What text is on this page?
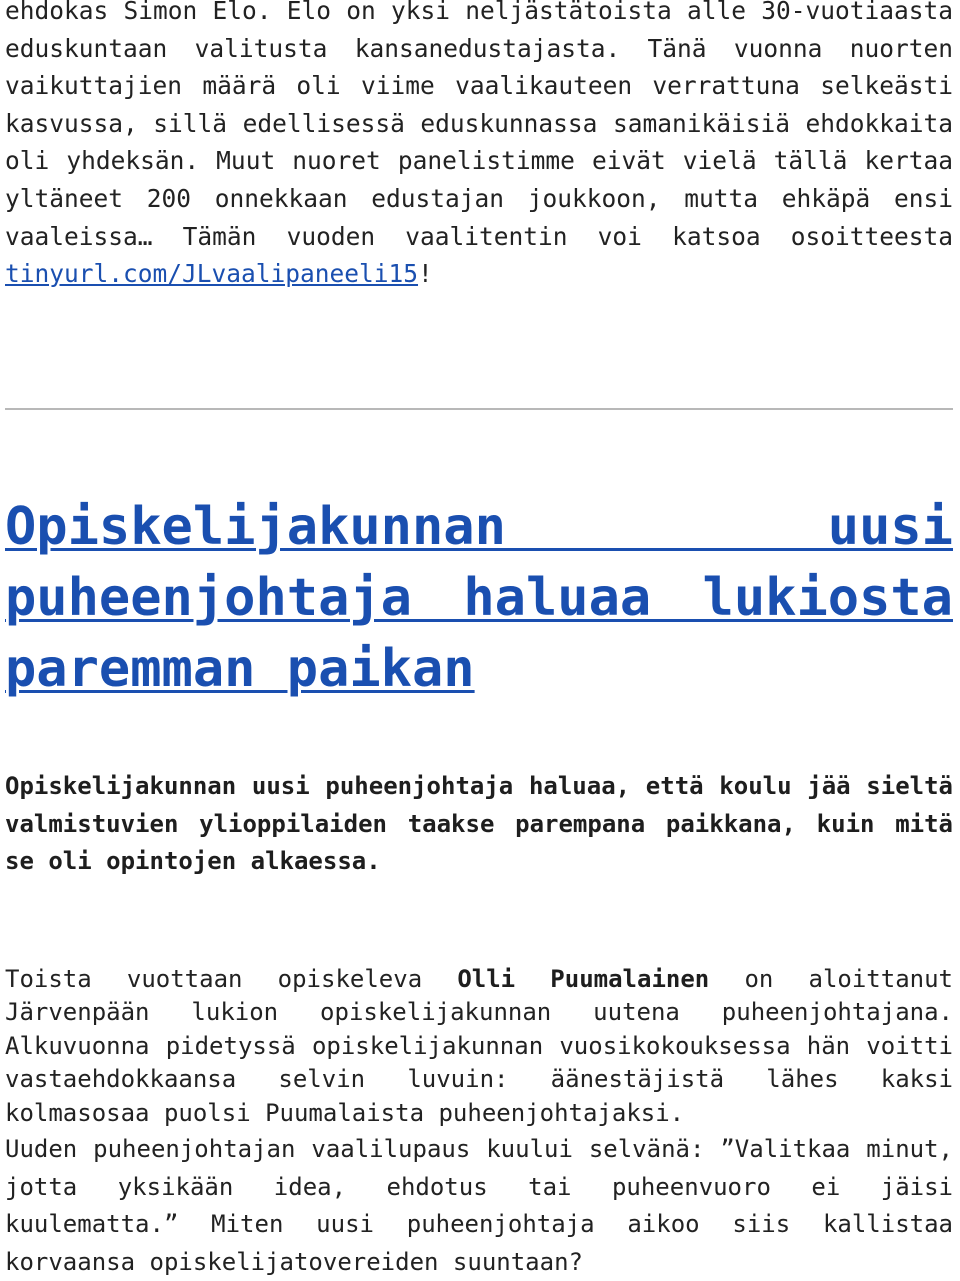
ehdokas Simon Elo. Elo on yksi neljästätoista alle 30-vuotiaasta eduskuntaan valitusta kansanedustajasta. Tänä vuonna nuorten vaikuttajien määrä oli viime vaalikauteen verrattuna selkeästi kasvussa, sillä edellisessä eduskunnassa samanikäisiä ehdokkaita oli yhdeksän. Muut nuoret panelistimme eivät vielä tällä kertaa yltäneet 200 onnekkaan edustajan joukkoon, mutta ehkäpä ensi vaaleissa… Tämän vuoden vaalitentin voi katsoa osoitteesta tinyurl.com/JLvaalipaneeli15!

Opiskelijakunnan uusi puheenjohtaja haluaa lukiosta paremman paikan

Opiskelijakunnan uusi puheenjohtaja haluaa, että koulu jää sieltä valmistuvien ylioppilaiden taakse parempana paikkana, kuin mitä se oli opintojen alkaessa.

Toista vuottaan opiskeleva Olli Puumalainen on aloittanut Järvenpään lukion opiskelijakunnan uutena puheenjohtajana. Alkuvuonna pidetyssä opiskelijakunnan vuosikokouksessa hän voitti vastaehdokkaansa selvin luvuin: äänestäjistä lähes kaksi kolmasosaa puolsi Puumalaista puheenjohtajaksi.

Uuden puheenjohtajan vaalilupaus kuului selvänä: ”Valitkaa minut, jotta yksikään idea, ehdotus tai puheenvuoro ei jäisi kuulematta.” Miten uusi puheenjohtaja aikoo siis kallistaa korvaansa opiskelijatovereiden suuntaan?
